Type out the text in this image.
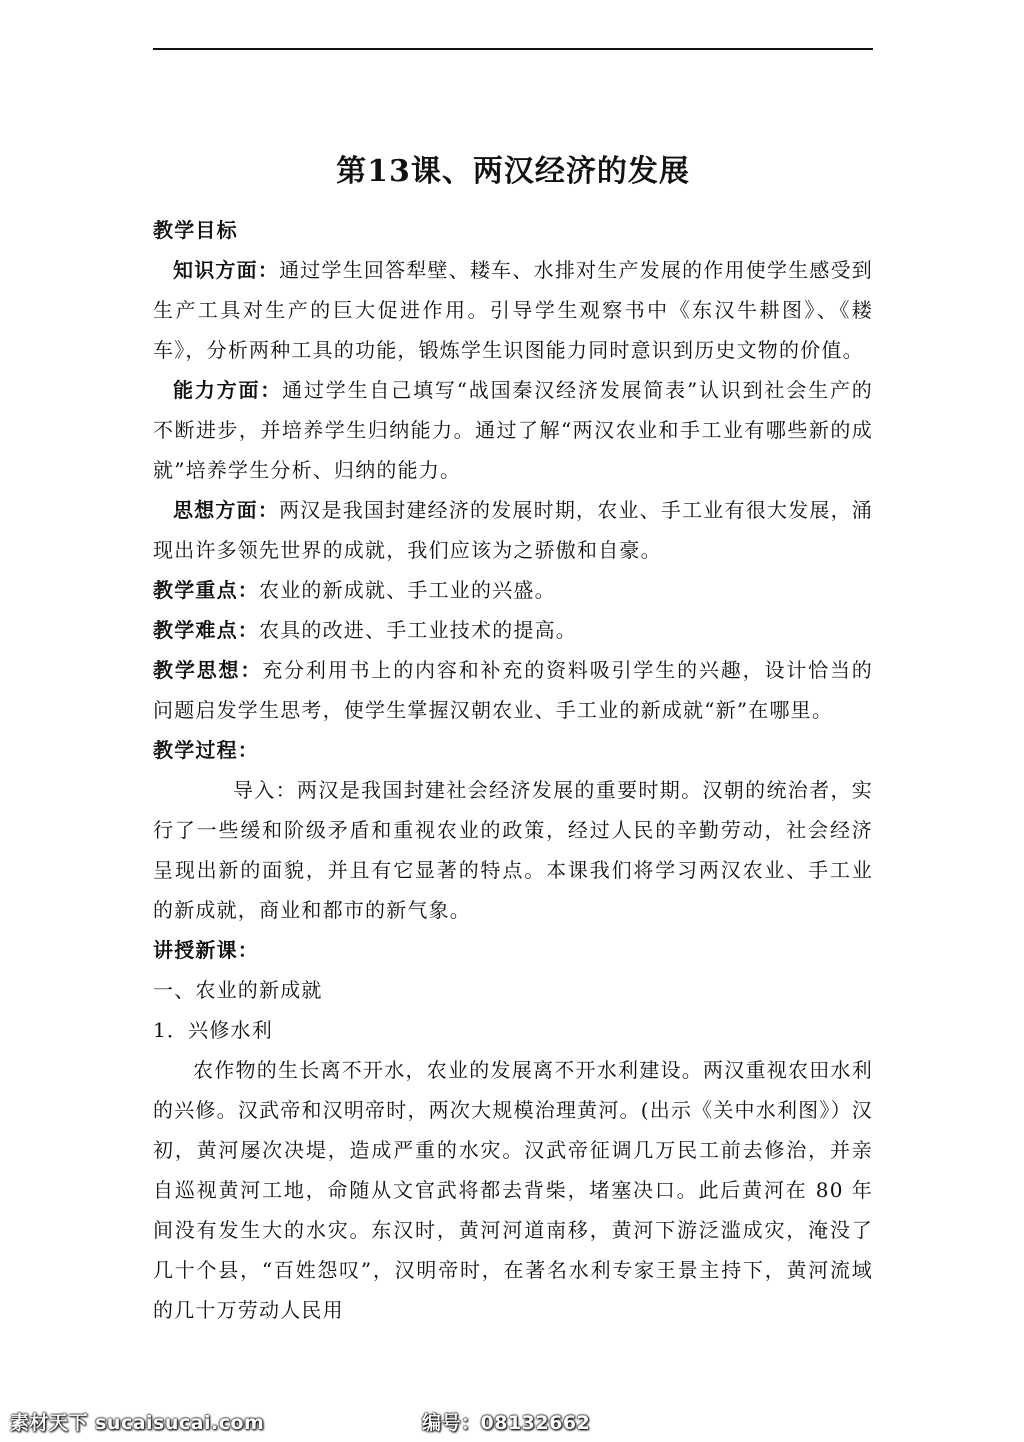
第13课、两汉经济的发展

教学目标

知识方面：通过学生回答犁壁、耧车、水排对生产发展的作用使学生感受到生产工具对生产的巨大促进作用。引导学生观察书中《东汉牛耕图》、《耧车》，分析两种工具的功能，锻炼学生识图能力同时意识到历史文物的价值。

能力方面：通过学生自己填写“战国秦汉经济发展简表”认识到社会生产的不断进步，并培养学生归纳能力。通过了解“两汉农业和手工业有哪些新的成就”培养学生分析、归纳的能力。

思想方面：两汉是我国封建经济的发展时期，农业、手工业有很大发展，涌现出许多领先世界的成就，我们应该为之骄傲和自豪。

教学重点：农业的新成就、手工业的兴盛。

教学难点：农具的改进、手工业技术的提高。

教学思想：充分利用书上的内容和补充的资料吸引学生的兴趣，设计恰当的问题启发学生思考，使学生掌握汉朝农业、手工业的新成就“新”在哪里。

教学过程：

导入：两汉是我国封建社会经济发展的重要时期。汉朝的统治者，实行了一些缓和阶级矛盾和重视农业的政策，经过人民的辛勤劳动，社会经济呈现出新的面貌，并且有它显著的特点。本课我们将学习两汉农业、手工业的新成就，商业和都市的新气象。

讲授新课：

一、农业的新成就

1．兴修水利

农作物的生长离不开水，农业的发展离不开水利建设。两汉重视农田水利的兴修。汉武帝和汉明帝时，两次大规模治理黄河。(出示《关中水利图》）汉初，黄河屡次决堤，造成严重的水灾。汉武帝征调几万民工前去修治，并亲自巡视黄河工地，命随从文官武将都去背柴，堵塞决口。此后黄河在 80 年间没有发生大的水灾。东汉时，黄河河道南移，黄河下游泛滥成灾，淹没了几十个县，“百姓怨叹”，汉明帝时，在著名水利专家王景主持下，黄河流域的几十万劳动人民用

素材天下 sucaisucai.com	编号：08132662
